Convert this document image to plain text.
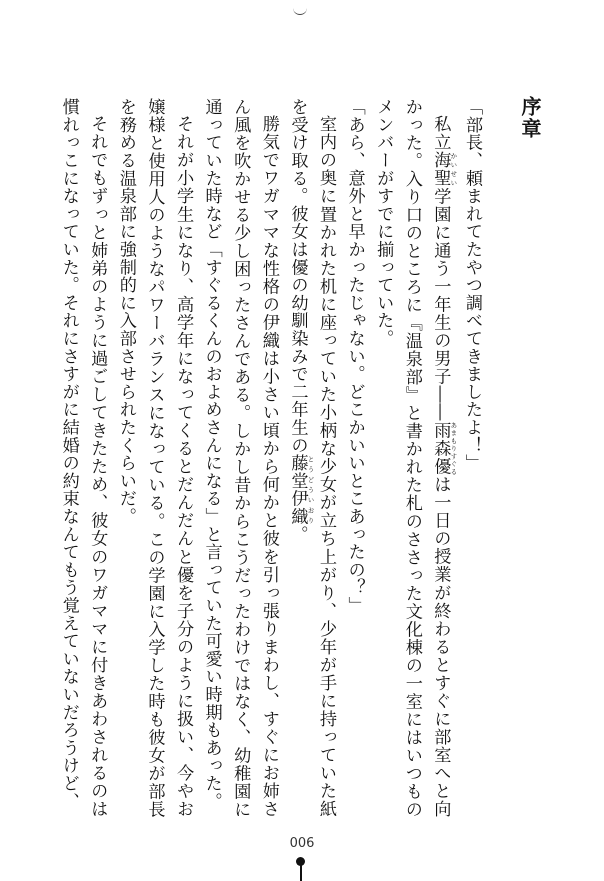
序章

「部長、頼まれてたやつ調べてきましたよ！」

私立海聖 かいせい学園に通う一年生の男子――雨森優 あまもりすぐるは一日の授業が終わるとすぐに部室へと向かった。入り口のところに『温泉部』と書かれた札のささった文化棟の一室にはいつものメンバーがすでに揃っていた。

「あら、意外と早かったじゃない。どこかいいとこあったの？」

室内の奥に置かれた机に座っていた小柄な少女が立ち上がり、少年が手に持っていた紙を受け取る。彼女は優の幼馴染みで二年生の藤堂伊織 とうどういおり。

勝気でワガママな性格の伊織は小さい頃から何かと彼を引っ張りまわし、すぐにお姉さん風を吹かせる少し困ったさんである。しかし昔からこうだったわけではなく、幼稚園に通っていた時など「すぐるくんのおよめさんになる」と言っていた可愛い時期もあった。

それが小学生になり、高学年になってくるとだんだんと優を子分のように扱い、今やお嬢様と使用人のようなパワーバランスになっている。この学園に入学した時も彼女が部長を務める温泉部に強制的に入部させられたくらいだ。

それでもずっと姉弟のように過ごしてきたため、彼女のワガママに付きあわされるのは慣れっこになっていた。それにさすがに結婚の約束なんてもう覚えていないだろうけど、

006
